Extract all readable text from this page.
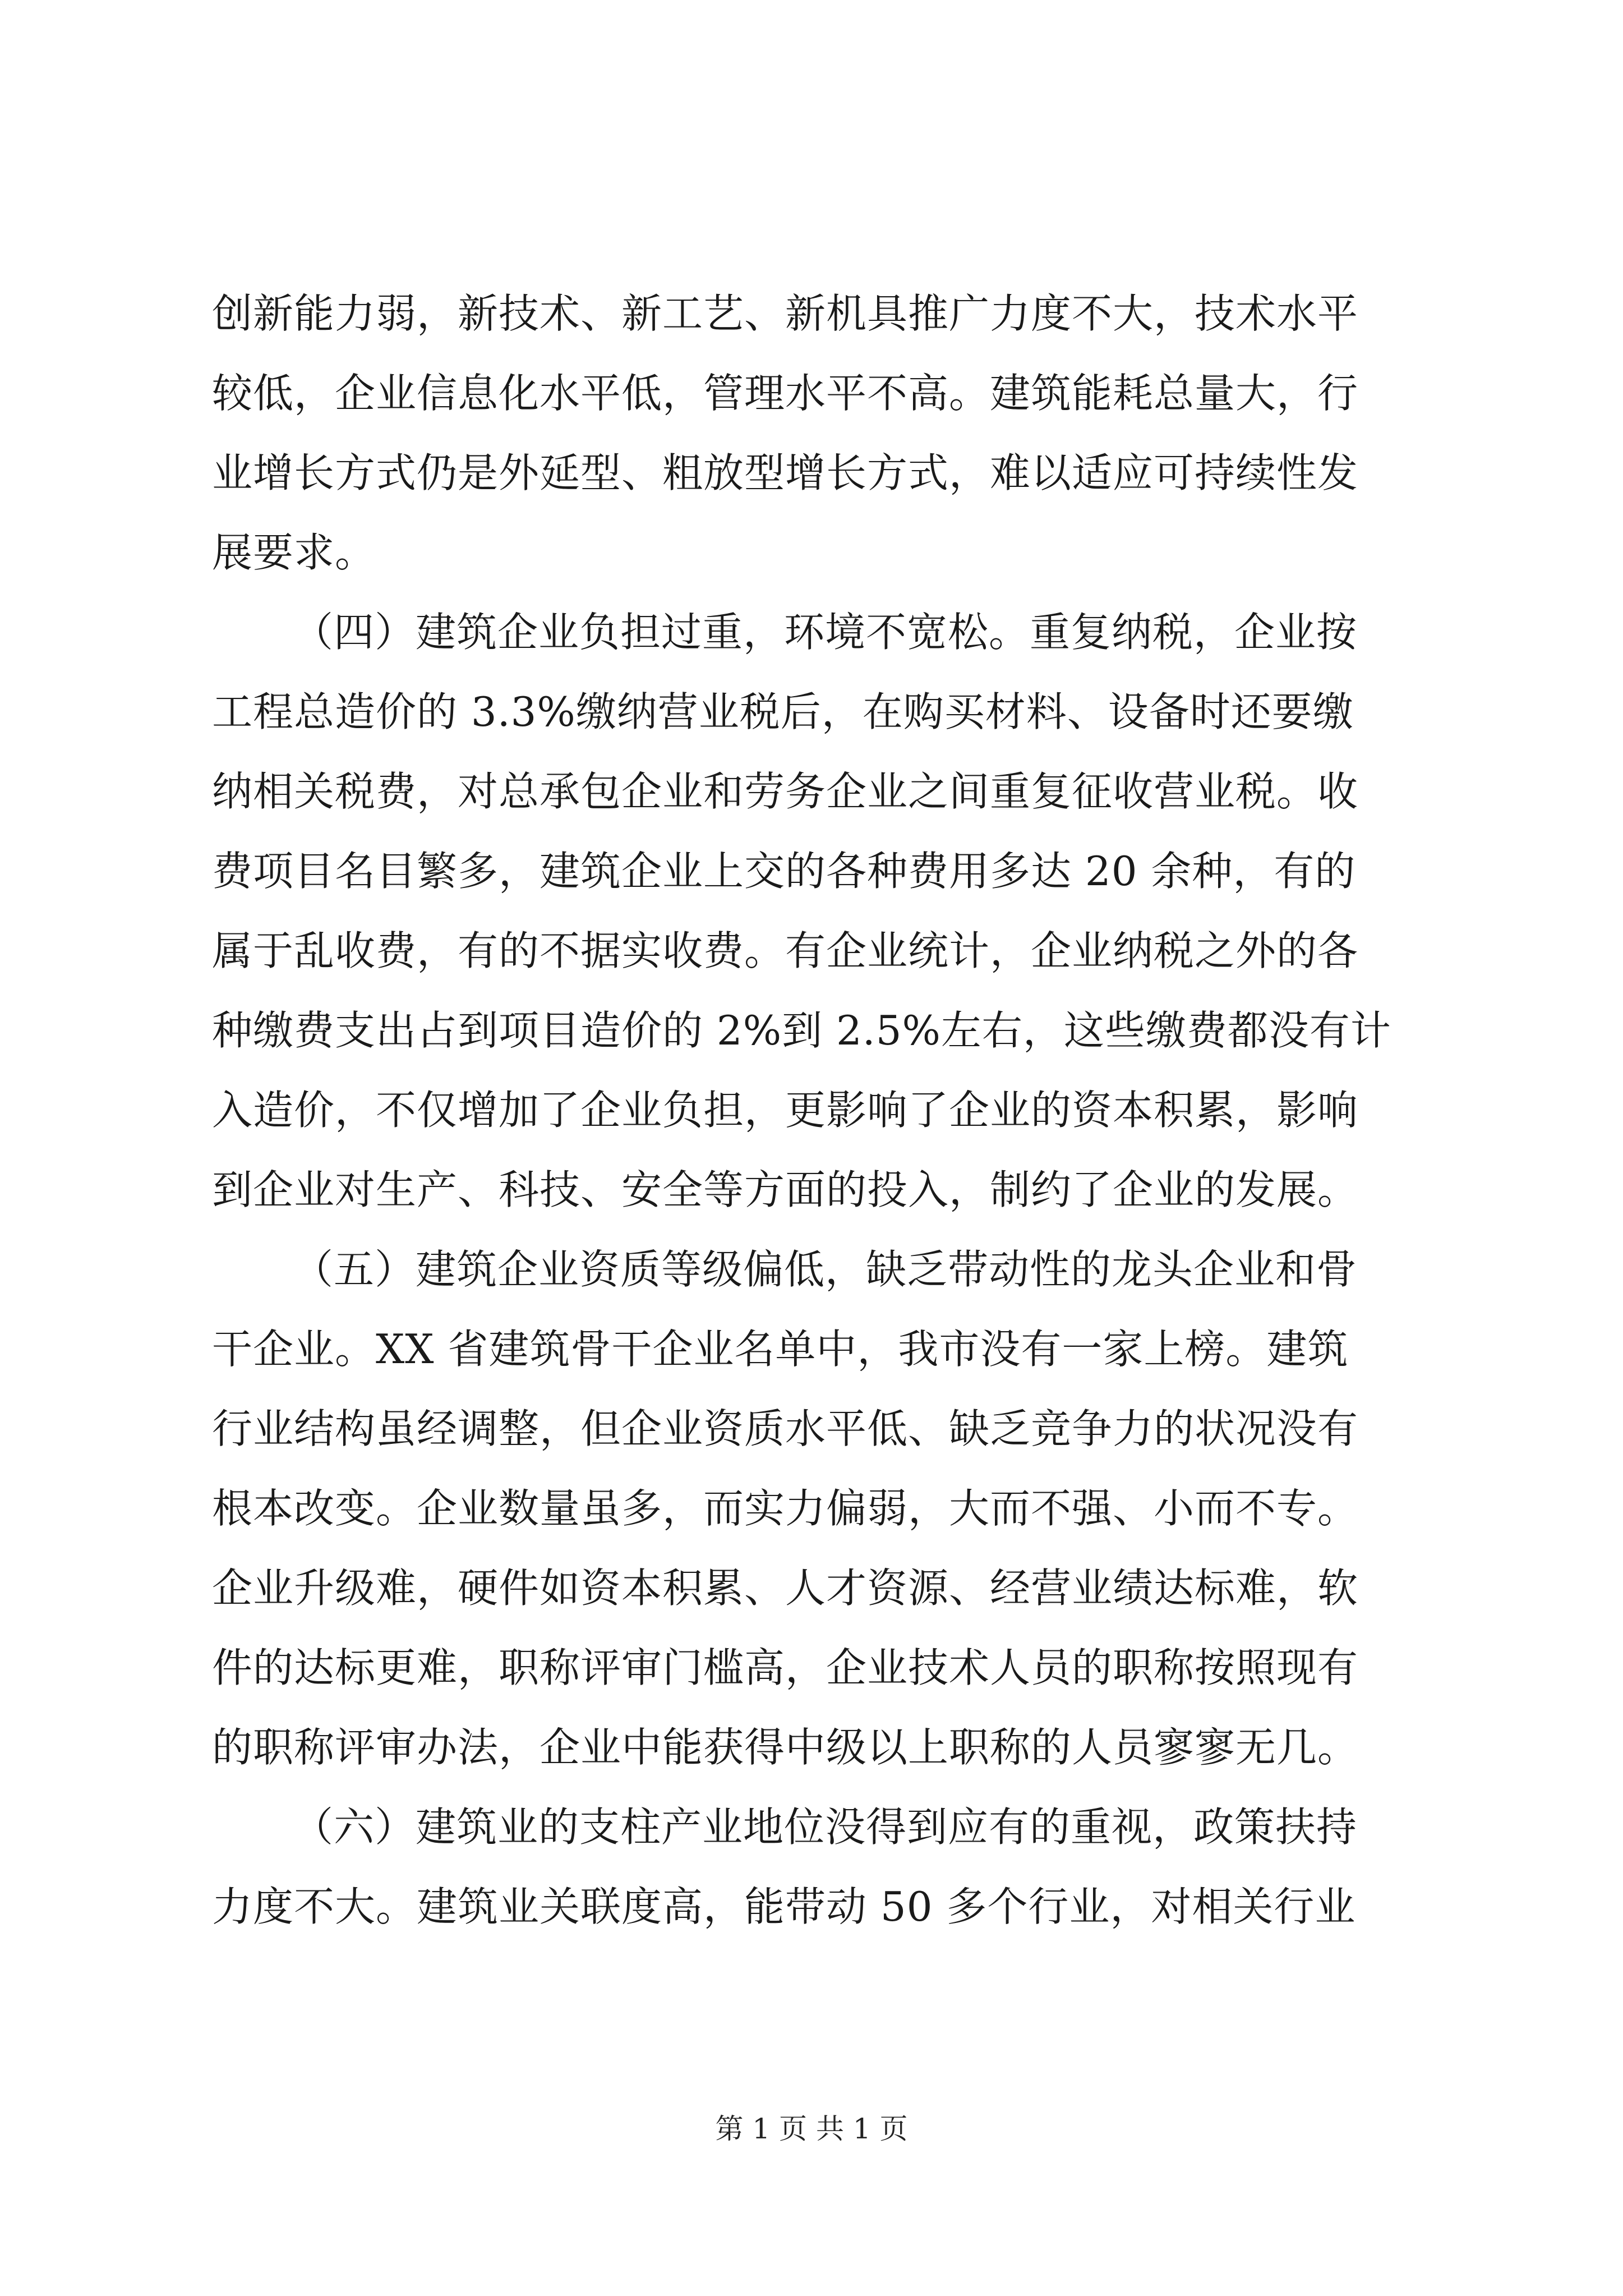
创新能力弱，新技术、新工艺、新机具推广力度不大，技术水平
较低，企业信息化水平低，管理水平不高。建筑能耗总量大，行
业增长方式仍是外延型、粗放型增长方式，难以适应可持续性发
展要求。
（四）建筑企业负担过重，环境不宽松。重复纳税，企业按
工程总造价的 3.3%缴纳营业税后，在购买材料、设备时还要缴
纳相关税费，对总承包企业和劳务企业之间重复征收营业税。收
费项目名目繁多，建筑企业上交的各种费用多达 20 余种，有的
属于乱收费，有的不据实收费。有企业统计，企业纳税之外的各
种缴费支出占到项目造价的 2%到 2.5%左右，这些缴费都没有计
入造价，不仅增加了企业负担，更影响了企业的资本积累，影响
到企业对生产、科技、安全等方面的投入，制约了企业的发展。
（五）建筑企业资质等级偏低，缺乏带动性的龙头企业和骨
干企业。XX 省建筑骨干企业名单中，我市没有一家上榜。建筑
行业结构虽经调整，但企业资质水平低、缺乏竞争力的状况没有
根本改变。企业数量虽多，而实力偏弱，大而不强、小而不专。
企业升级难，硬件如资本积累、人才资源、经营业绩达标难，软
件的达标更难，职称评审门槛高，企业技术人员的职称按照现有
的职称评审办法，企业中能获得中级以上职称的人员寥寥无几。
（六）建筑业的支柱产业地位没得到应有的重视，政策扶持
力度不大。建筑业关联度高，能带动 50 多个行业，对相关行业
第 1 页 共 1 页
